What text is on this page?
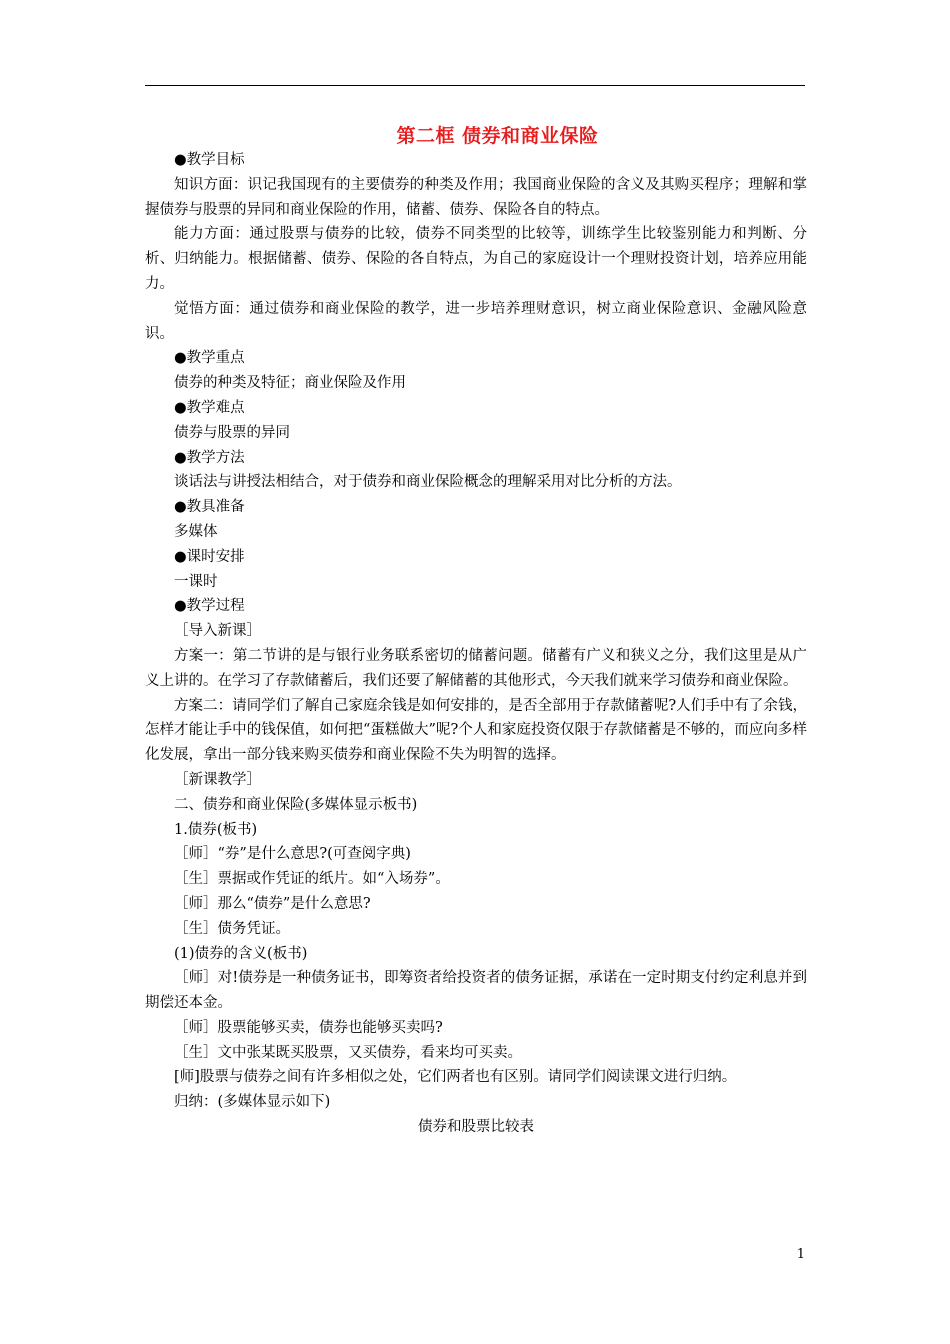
第二框 债券和商业保险

●教学目标

知识方面：识记我国现有的主要债券的种类及作用；我国商业保险的含义及其购买程序；理解和掌握债券与股票的异同和商业保险的作用，储蓄、债券、保险各自的特点。

能力方面：通过股票与债券的比较，债券不同类型的比较等，训练学生比较鉴别能力和判断、分析、归纳能力。根据储蓄、债券、保险的各自特点，为自己的家庭设计一个理财投资计划，培养应用能力。

觉悟方面：通过债券和商业保险的教学，进一步培养理财意识，树立商业保险意识、金融风险意识。

●教学重点

债券的种类及特征；商业保险及作用

●教学难点

债券与股票的异同

●教学方法

谈话法与讲授法相结合，对于债券和商业保险概念的理解采用对比分析的方法。

●教具准备

多媒体

●课时安排

一课时

●教学过程

［导入新课］

方案一：第二节讲的是与银行业务联系密切的储蓄问题。储蓄有广义和狭义之分，我们这里是从广义上讲的。在学习了存款储蓄后，我们还要了解储蓄的其他形式，今天我们就来学习债券和商业保险。

方案二：请同学们了解自己家庭余钱是如何安排的，是否全部用于存款储蓄呢?人们手中有了余钱，怎样才能让手中的钱保值，如何把“蛋糕做大”呢?个人和家庭投资仅限于存款储蓄是不够的，而应向多样化发展，拿出一部分钱来购买债券和商业保险不失为明智的选择。

［新课教学］

二、债券和商业保险(多媒体显示板书)

1.债券(板书)

［师］“券”是什么意思?(可查阅字典)

［生］票据或作凭证的纸片。如“入场券”。

［师］那么“债券”是什么意思?

［生］债务凭证。

(1)债券的含义(板书)

［师］对!债券是一种债务证书，即筹资者给投资者的债务证据，承诺在一定时期支付约定利息并到期偿还本金。

［师］股票能够买卖，债券也能够买卖吗?

［生］文中张某既买股票，又买债券，看来均可买卖。

[师]股票与债券之间有许多相似之处，它们两者也有区别。请同学们阅读课文进行归纳。

归纳：(多媒体显示如下)

债券和股票比较表

1
